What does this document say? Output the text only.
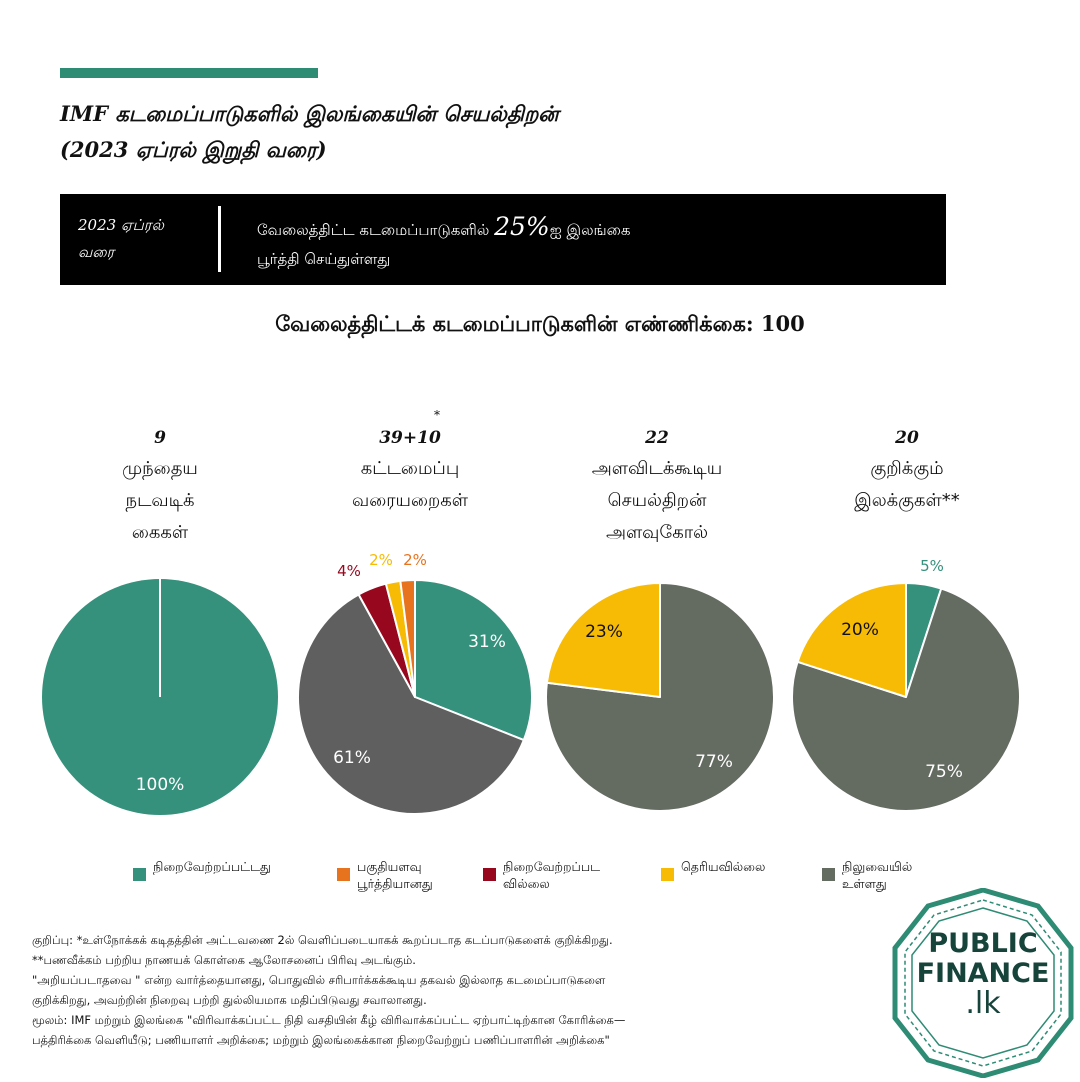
IMF கடமைப்பாடுகளில் இலங்கையின் செயல்திறன்
(2023 ஏப்ரல் இறுதி வரை)
2023 ஏப்ரல்
வரை
வேலைத்திட்ட கடமைப்பாடுகளில் 25%ஐ இலங்கை
பூர்த்தி செய்துள்ளது
வேலைத்திட்டக் கடமைப்பாடுகளின் எண்ணிக்கை: 100
9
முந்தைய
நடவடிக்
கைகள்
39+10
கட்டமைப்பு
வரையறைகள்
*
22
அளவிடக்கூடிய
செயல்திறன்
அளவுகோல்
20
குறிக்கும்
இலக்குகள்**
100%
31%
61%
4%
2% 2%
77%
23%
5%
75%
20%
நிறைவேற்றப்பட்டது	பகுதியளவு
பூர்த்தியானது
நிறைவேற்றப்பட
வில்லை
தெரியவில்லை	நிலுவையில்
உள்ளது
குறிப்பு: *உள்நோக்கக் கடிதத்தின் அட்டவணை 2ல் வெளிப்படையாகக் கூறப்படாத கடப்பாடுகளைக் குறிக்கிறது.
**பணவீக்கம் பற்றிய நாணயக் கொள்கை ஆலோசனைப் பிரிவு அடங்கும்.
"அறியப்படாதவை " என்ற வார்த்தையானது, பொதுவில் சரிபார்க்கக்கூடிய தகவல் இல்லாத கடமைப்பாடுகளை
குறிக்கிறது, அவற்றின் நிறைவு பற்றி துல்லியமாக மதிப்பிடுவது சவாலானது.
மூலம்: IMF மற்றும் இலங்கை "விரிவாக்கப்பட்ட நிதி வசதியின் கீழ் விரிவாக்கப்பட்ட ஏற்பாட்டிற்கான கோரிக்கை—
பத்திரிக்கை வெளியீடு; பணியாளர் அறிக்கை; மற்றும் இலங்கைக்கான நிறைவேற்றுப் பணிப்பாளரின் அறிக்கை"
PUBLIC
FINANCE
.lk
